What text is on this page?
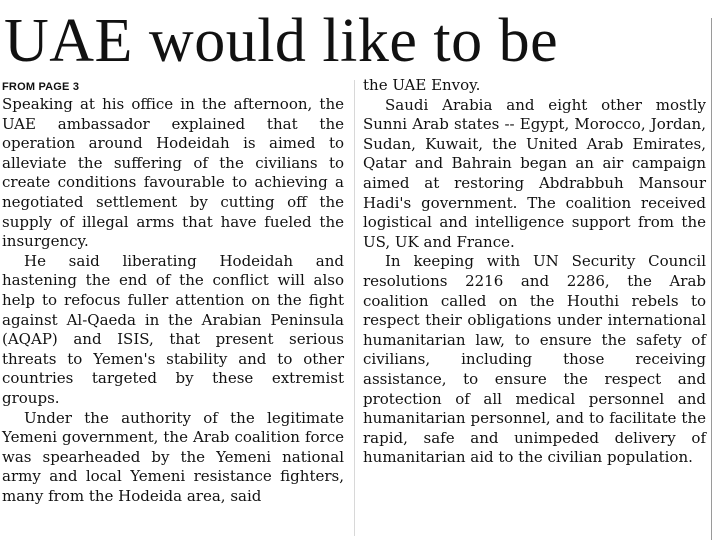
UAE would like to be
FROM PAGE 3

Speaking at his office in the afternoon, the UAE ambassador explained that the operation around Hodeidah is aimed to alleviate the suffering of the civilians to create conditions favourable to achieving a negotiated settlement by cutting off the supply of illegal arms that have fueled the insurgency.

He said liberating Hodeidah and hastening the end of the conflict will also help to refocus fuller attention on the fight against Al-Qaeda in the Arabian Peninsula (AQAP) and ISIS, that present serious threats to Yemen's stability and to other countries targeted by these extremist groups.

Under the authority of the legitimate Yemeni government, the Arab coalition force was spearheaded by the Yemeni national army and local Yemeni resistance fighters, many from the Hodeida area, said

the UAE Envoy.

Saudi Arabia and eight other mostly Sunni Arab states -- Egypt, Morocco, Jordan, Sudan, Kuwait, the United Arab Emirates, Qatar and Bahrain began an air campaign aimed at restoring Abdrabbuh Mansour Hadi's government. The coalition received logistical and intelligence support from the US, UK and France.

In keeping with UN Security Council resolutions 2216 and 2286, the Arab coalition called on the Houthi rebels to respect their obligations under international humanitarian law, to ensure the safety of civilians, including those receiving assistance, to ensure the respect and protection of all medical personnel and humanitarian personnel, and to facilitate the rapid, safe and unimpeded delivery of humanitarian aid to the civilian population.
